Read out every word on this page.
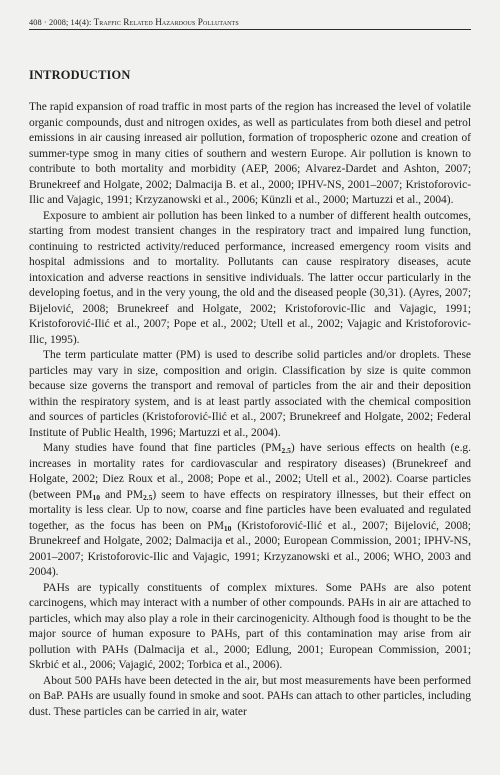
408 · 2008; 14(4): Traffic Related Hazardous Pollutants
INTRODUCTION

The rapid expansion of road traffic in most parts of the region has increased the level of volatile organic compounds, dust and nitrogen oxides, as well as particulates from both diesel and petrol emissions in air causing inreased air pollution, formation of tropospheric ozone and creation of summer-type smog in many cities of southern and western Europe. Air pollution is known to contribute to both mortality and morbidity (AEP, 2006; Alvarez-Dardet and Ashton, 2007; Brunekreef and Holgate, 2002; Dalmacija B. et al., 2000; IPHV-NS, 2001–2007; Kristoforovic-Ilic and Vajagic, 1991; Krzyzanowski et al., 2006; Künzli et al., 2000; Martuzzi et al., 2004).

Exposure to ambient air pollution has been linked to a number of different health outcomes, starting from modest transient changes in the respiratory tract and impaired lung function, continuing to restricted activity/reduced performance, increased emergency room visits and hospital admissions and to mortality. Pollutants can cause respiratory diseases, acute intoxication and adverse reactions in sensitive individuals. The latter occur particularly in the developing foetus, and in the very young, the old and the diseased people (30,31). (Ayres, 2007; Bijelović, 2008; Brunekreef and Holgate, 2002; Kristoforovic-Ilic and Vajagic, 1991; Kristoforović-Ilić et al., 2007; Pope et al., 2002; Utell et al., 2002; Vajagic and Kristoforovic-Ilic, 1995).

The term particulate matter (PM) is used to describe solid particles and/or droplets. These particles may vary in size, composition and origin. Classification by size is quite common because size governs the transport and removal of particles from the air and their deposition within the respiratory system, and is at least partly associated with the chemical composition and sources of particles (Kristoforović-Ilić et al., 2007; Brunekreef and Holgate, 2002; Federal Institute of Public Health, 1996; Martuzzi et al., 2004).

Many studies have found that fine particles $(PM_{2.5})$ have serious effects on health (e.g. increases in mortality rates for cardiovascular and respiratory diseases) (Brunekreef and Holgate, 2002; Diez Roux et al., 2008; Pope et al., 2002; Utell et al., 2002). Coarse particles (between $PM_{10}$ and $PM_{2.5}$) seem to have effects on respiratory illnesses, but their effect on mortality is less clear. Up to now, coarse and fine particles have been evaluated and regulated together, as the focus has been on $PM_{10}$ (Kristoforović-Ilić et al., 2007; Bijelović, 2008; Brunekreef and Holgate, 2002; Dalmacija et al., 2000; European Commission, 2001; IPHV-NS, 2001–2007; Kristoforovic-Ilic and Vajagic, 1991; Krzyzanowski et al., 2006; WHO, 2003 and 2004).

PAHs are typically constituents of complex mixtures. Some PAHs are also potent carcinogens, which may interact with a number of other compounds. PAHs in air are attached to particles, which may also play a role in their carcinogenicity. Although food is thought to be the major source of human exposure to PAHs, part of this contamination may arise from air pollution with PAHs (Dalmacija et al., 2000; Edlung, 2001; European Commission, 2001; Skrbić et al., 2006; Vajagić, 2002; Torbica et al., 2006).

About 500 PAHs have been detected in the air, but most measurements have been performed on BaP. PAHs are usually found in smoke and soot. PAHs can attach to other particles, including dust. These particles can be carried in air, water
